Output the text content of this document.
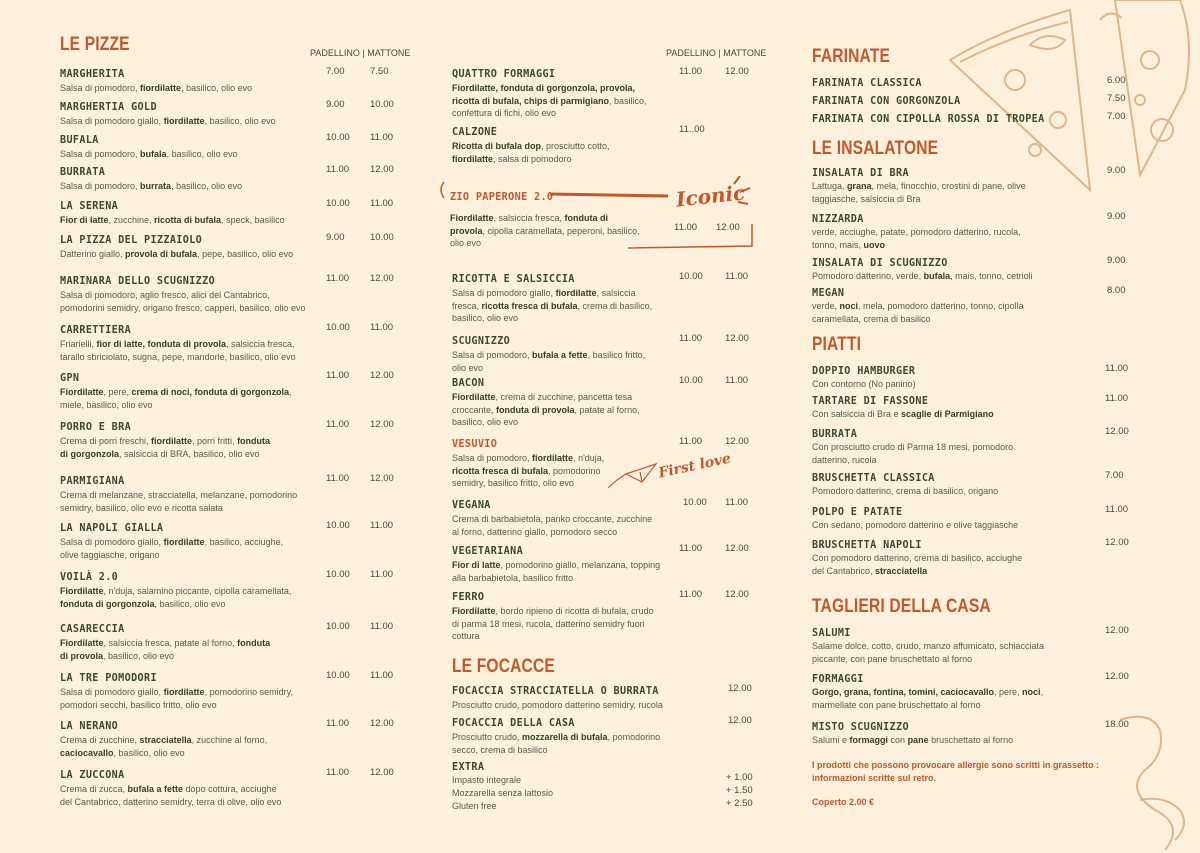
LE PIZZE	PADELLINO | MATTONE
MARGHERITA
Salsa di pomodoro, fiordilatte, basilico, olio evo
7.00	7.50
MARGHERTIA GOLD
Salsa di pomodoro giallo, fiordilatte, basilico, olio evo
9.00	10.00
BUFALA
Salsa di pomodoro, bufala, basilico, olio evo
10.00 11.00
BURRATA
Salsa di pomodoro, burrata, basilico, olio evo
11.00 12.00
LA SERENA
Fior di latte, zucchine, ricotta di bufala, speck, basilico
10.00 11.00
LA PIZZA DEL PIZZAIOLO
Datterino giallo, provola di bufala, pepe, basilico, olio evo
9.00	10.00
MARINARA DELLO SCUGNIZZO
Salsa di pomodoro, aglio fresco, alici del Cantabrico,
pomodorini semidry, origano fresco, capperi, basilico, olio evo
11.00 12.00
CARRETTIERA
Friarielli, fior di latte, fonduta di provola, salsiccia fresca,
tarallo sbriciolato, sugna, pepe, mandorle, basilico, olio evo
10.00 11.00
GPN
Fiordilatte, pere, crema di noci, fonduta di gorgonzola,
miele, basilico, olio evo
11.00 12.00
PORRO E BRA
Crema di porri freschi, fiordilatte, porri fritti, fonduta
di gorgonzola, salsiccia di BRA, basilico, olio evo
11.00 12.00
PARMIGIANA
Crema di melanzane, stracciatella, melanzane, pomodorino
semidry, basilico, olio evo e ricotta salata
11.00 12.00
LA NAPOLI GIALLA
Salsa di pomodoro giallo, fiordilatte, basilico, acciughe,
olive taggiasche, origano
10.00 11.00
VOILÀ 2.0
Fiordilatte, n'duja, salamino piccante, cipolla caramellata,
fonduta di gorgonzola, basilico, olio evo
10.00 11.00
CASARECCIA
Fiordilatte, salsiccia fresca, patate al forno, fonduta
di provola, basilico, olio evo
10.00 11.00
LA TRE POMODORI
Salsa di pomodoro giallo, fiordilatte, pomodorino semidry,
pomodori secchi, basilico fritto, olio evo
10.00 11.00
LA NERANO
Crema di zucchine, stracciatella, zucchine al forno,
caciocavallo, basilico, olio evo
11.00 12.00
LA ZUCCONA
Crema di zucca, bufala a fette dopo cottura, acciughe
del Cantabrico, datterino semidry, terra di olive, olio evo
11.00 12.00
PADELLINO | MATTONE
QUATTRO FORMAGGI
Fiordilatte, fonduta di gorgonzola, provola,
ricotta di bufala, chips di parmigiano, basilico,
confettura di fichi, olio evo
11.00 12.00
CALZONE
Ricotta di bufala dop, prosciutto cotto,
fiordilatte, salsa di pomodoro
11..00
ZIO PAPERONE 2.0
Fiordilatte, salsiccia fresca, fonduta di
provola, cipolla caramellata, peperoni, basilico,
olio evo
11.00 12.00
RICOTTA E SALSICCIA
Salsa di pomodoro giallo, fiordilatte, salsiccia
fresca, ricotta fresca di bufala, crema di basilico,
basilico, olio evo
10.00 11.00
SCUGNIZZO
Salsa di pomodoro, bufala a fette, basilico fritto,
olio evo
11.00 12.00
BACON
Fiordilatte, crema di zucchine, pancetta tesa
croccante, fonduta di provola, patate al forno,
basilico, olio evo
10.00 11.00
VESUVIO
Salsa di pomodoro, fiordilatte, n'duja,
ricotta fresca di bufala, pomodorino
semidry, basilico fritto, olio evo
11.00 12.00
VEGANA
Crema di barbabietola, panko croccante, zucchine
al forno, datterino giallo, pomodoro secco
10.00 11.00
VEGETARIANA
Fior di latte, pomodorino giallo, melanzana, topping
alla barbabietola, basilico fritto
11.00 12.00
FERRO
Fiordilatte, bordo ripieno di ricotta di bufala, crudo
di parma 18 mesi, rucola, datterino semidry fuori
cottura
11.00 12.00
Iconic
First love
LE FOCACCE
FOCACCIA STRACCIATELLA O BURRATA
Prosciutto crudo, pomodoro datterino semidry, rucola
12.00
FOCACCIA DELLA CASA
Prosciutto crudo, mozzarella di bufala, pomodorino
secco, crema di basilico
12.00
EXTRA
Impasto integrale	+ 1.00
Mozzarella senza lattosio	+ 1.50
Gluten free	+ 2.50
FARINATE
LE INSALATONE
PIATTI
TAGLIERI DELLA CASA
FARINATA CLASSICA	6.00
FARINATA CON GORGONZOLA	7.50
FARINATA CON CIPOLLA ROSSA DI TROPEA	7.00
INSALATA DI BRA
Lattuga, grana, mela, finocchio, crostini di pane, olive
taggiasche, salsiccia di Bra
9.00
NIZZARDA
verde, acciughe, patate, pomodoro datterino, rucola,
tonno, mais, uovo
9.00
INSALATA DI SCUGNIZZO
Pomodoro datterino, verde, bufala, mais, tonno, cetrioli
9.00
MEGAN
verde, noci, mela, pomodoro datterino, tonno, cipolla
caramellata, crema di basilico
8.00
DOPPIO HAMBURGER
Con contorno (No panino)
11.00
TARTARE DI FASSONE
Con salsiccia di Bra e scaglie di Parmigiano
11.00
BURRATA
Con prosciutto crudo di Parma 18 mesi, pomodoro
datterino, rucola
12.00
BRUSCHETTA CLASSICA
Pomodoro datterino, crema di basilico, origano
7.00
POLPO E PATATE
Con sedano, pomodoro datterino e olive taggiasche
11.00
BRUSCHETTA NAPOLI
Con pomodoro datterino, crema di basilico, acciughe
del Cantabrico, stracciatella
12.00
SALUMI
Salame dolce, cotto, crudo, manzo affumicato, schiacciata
piccante, con pane bruschettato al forno
12.00
FORMAGGI
Gorgo, grana, fontina, tomini, caciocavallo, pere, noci,
marmellate con pane bruschettato al forno
12.00
MISTO SCUGNIZZO
Salumi e formaggi con pane bruschettato al forno
18.00
I prodotti che possono provocare allergie sono scritti in grassetto :
informazioni scritte sul retro.
Coperto 2.00 €
